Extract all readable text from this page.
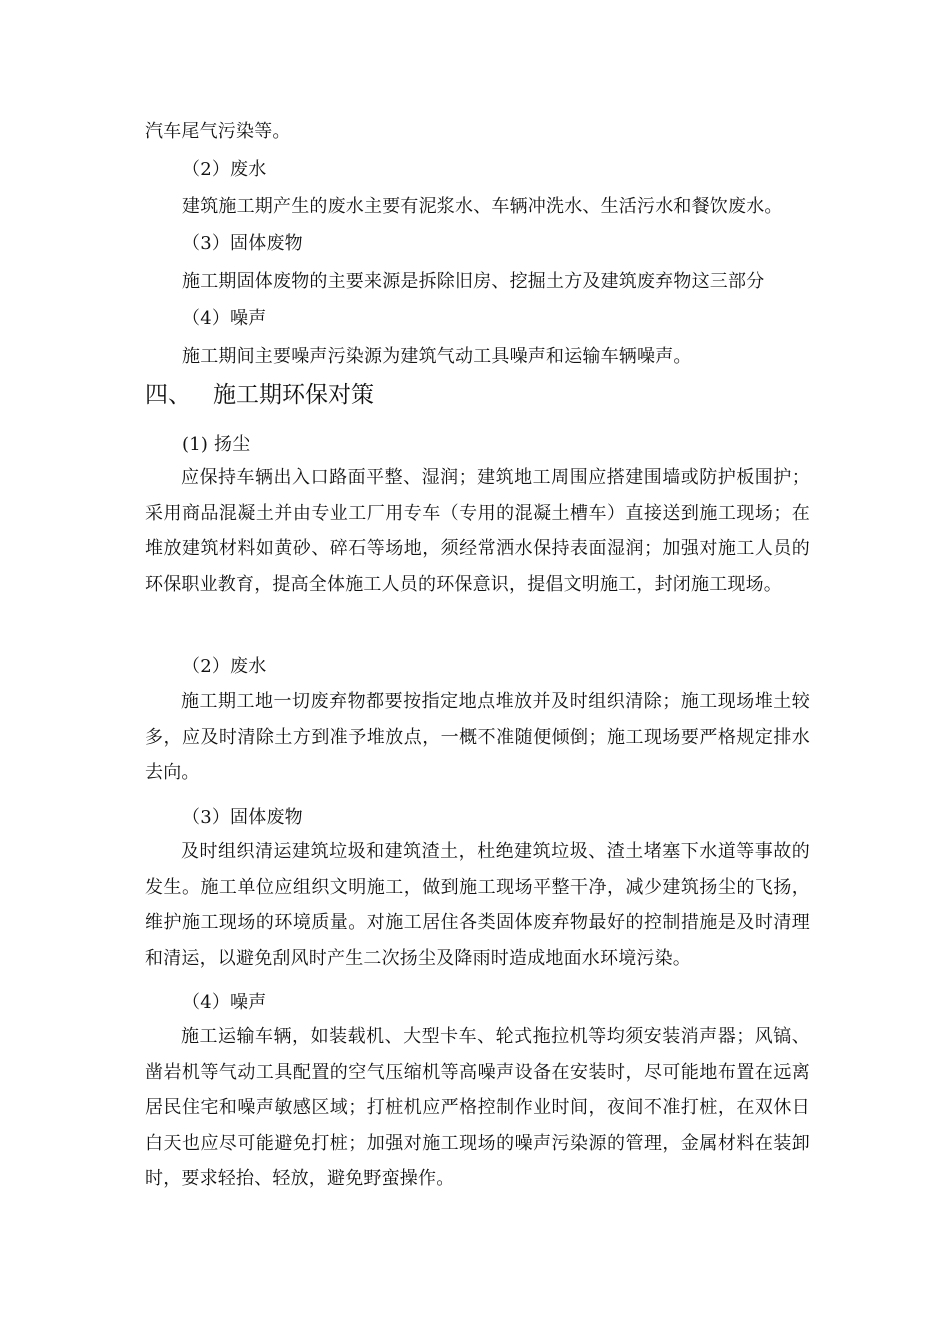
汽车尾气污染等。
（2）废水
建筑施工期产生的废水主要有泥浆水、车辆冲洗水、生活污水和餐饮废水。
（3）固体废物
施工期固体废物的主要来源是拆除旧房、挖掘土方及建筑废弃物这三部分
（4）噪声
施工期间主要噪声污染源为建筑气动工具噪声和运输车辆噪声。
四、 施工期环保对策
(1) 扬尘
应保持车辆出入口路面平整、湿润；建筑地工周围应搭建围墙或防护板围护；采用商品混凝土并由专业工厂用专车（专用的混凝土槽车）直接送到施工现场；在堆放建筑材料如黄砂、碎石等场地，须经常洒水保持表面湿润；加强对施工人员的环保职业教育，提高全体施工人员的环保意识，提倡文明施工，封闭施工现场。
（2）废水
施工期工地一切废弃物都要按指定地点堆放并及时组织清除；施工现场堆土较多，应及时清除土方到准予堆放点，一概不准随便倾倒；施工现场要严格规定排水去向。
（3）固体废物
及时组织清运建筑垃圾和建筑渣土，杜绝建筑垃圾、渣土堵塞下水道等事故的发生。施工单位应组织文明施工，做到施工现场平整干净，减少建筑扬尘的飞扬，维护施工现场的环境质量。对施工居住各类固体废弃物最好的控制措施是及时清理和清运，以避免刮风时产生二次扬尘及降雨时造成地面水环境污染。
（4）噪声
施工运输车辆，如装载机、大型卡车、轮式拖拉机等均须安装消声器；风镐、凿岩机等气动工具配置的空气压缩机等高噪声设备在安装时，尽可能地布置在远离居民住宅和噪声敏感区域；打桩机应严格控制作业时间，夜间不准打桩，在双休日白天也应尽可能避免打桩；加强对施工现场的噪声污染源的管理，金属材料在装卸时，要求轻抬、轻放，避免野蛮操作。
